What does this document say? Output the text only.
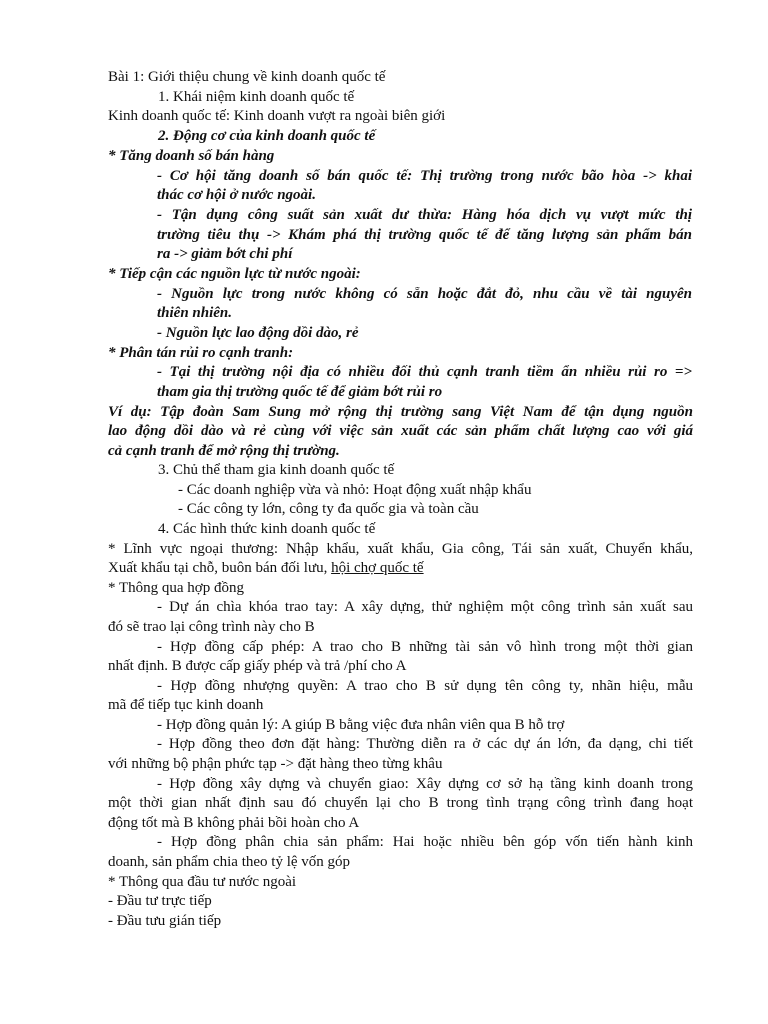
Bài 1: Giới thiệu chung về kinh doanh quốc tế
1. Khái niệm kinh doanh quốc tế
Kinh doanh quốc tế: Kinh doanh vượt ra ngoài biên giới
2. Động cơ của kinh doanh quốc tế
* Tăng doanh số bán hàng
- Cơ hội tăng doanh số bán quốc tế: Thị trường trong nước bão hòa -> khai
thác cơ hội ở nước ngoài.
- Tận dụng công suất sản xuất dư thừa: Hàng hóa dịch vụ vượt mức thị
trường tiêu thụ -> Khám phá thị trường quốc tế để tăng lượng sản phẩm bán
ra -> giảm bớt chi phí
* Tiếp cận các nguồn lực từ nước ngoài:
- Nguồn lực trong nước không có sẵn hoặc đắt đỏ, nhu cầu về tài nguyên
thiên nhiên.
- Nguồn lực lao động dồi dào, rẻ
* Phân tán rủi ro cạnh tranh:
- Tại thị trường nội địa có nhiều đối thủ cạnh tranh tiềm ẩn nhiều rủi ro =>
tham gia thị trường quốc tế để giảm bớt rủi ro
Ví dụ: Tập đoàn Sam Sung mở rộng thị trường sang Việt Nam để tận dụng nguồn
lao động dồi dào và rẻ cùng với việc sản xuất các sản phẩm chất lượng cao với giá
cả cạnh tranh để mở rộng thị trường.
3. Chủ thể tham gia kinh doanh quốc tế
- Các doanh nghiệp vừa và nhỏ: Hoạt động xuất nhập khẩu
- Các công ty lớn, công ty đa quốc gia và toàn cầu
4. Các hình thức kinh doanh quốc tế
* Lĩnh vực ngoại thương: Nhập khẩu, xuất khẩu, Gia công, Tái sản xuất, Chuyển khẩu,
Xuất khẩu tại chỗ, buôn bán đối lưu, hội chợ quốc tế
* Thông qua hợp đồng
- Dự án chìa khóa trao tay: A xây dựng, thử nghiệm một công trình sản xuất sau
đó sẽ trao lại công trình này cho B
- Hợp đồng cấp phép: A trao cho B những tài sản vô hình trong một thời gian
nhất định. B được cấp giấy phép và trả /phí cho A
- Hợp đồng nhượng quyền: A trao cho B sử dụng tên công ty, nhãn hiệu, mẫu
mã để tiếp tục kinh doanh
- Hợp đồng quản lý: A giúp B bằng việc đưa nhân viên qua B hỗ trợ
- Hợp đồng theo đơn đặt hàng: Thường diễn ra ở các dự án lớn, đa dạng, chi tiết
với những bộ phận phức tạp -> đặt hàng theo từng khâu
- Hợp đồng xây dựng và chuyển giao: Xây dựng cơ sở hạ tầng kinh doanh trong
một thời gian nhất định sau đó chuyển lại cho B trong tình trạng công trình đang hoạt
động tốt mà B không phải bồi hoàn cho A
- Hợp đồng phân chia sản phẩm: Hai hoặc nhiều bên góp vốn tiến hành kinh
doanh, sản phẩm chia theo tỷ lệ vốn góp
* Thông qua đầu tư nước ngoài
- Đầu tư trực tiếp
- Đầu tưu gián tiếp
